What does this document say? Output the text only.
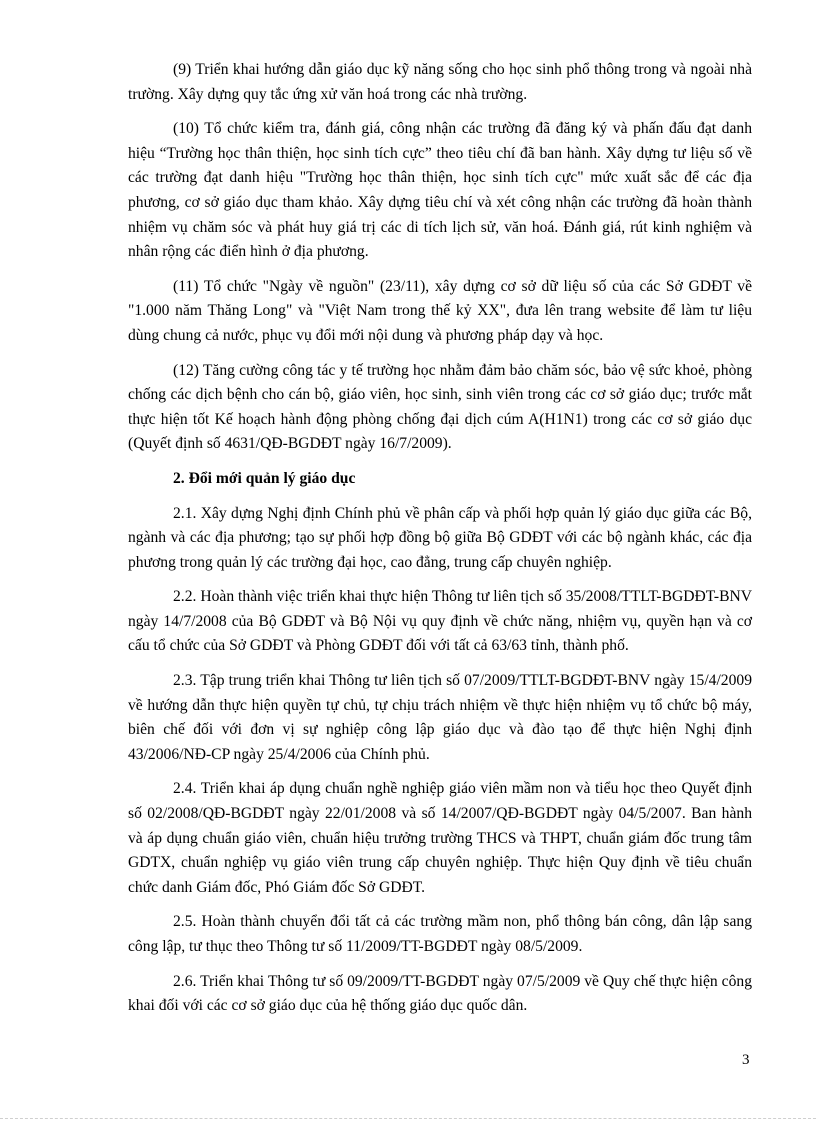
(9) Triển khai hướng dẫn giáo dục kỹ năng sống cho học sinh phổ thông trong và ngoài nhà trường. Xây dựng quy tắc ứng xử văn hoá trong các nhà trường.

(10) Tổ chức kiểm tra, đánh giá, công nhận các trường đã đăng ký và phấn đấu đạt danh hiệu “Trường học thân thiện, học sinh tích cực” theo tiêu chí đã ban hành. Xây dựng tư liệu số về các trường đạt danh hiệu "Trường học thân thiện, học sinh tích cực" mức xuất sắc để các địa phương, cơ sở giáo dục tham khảo. Xây dựng tiêu chí và xét công nhận các trường đã hoàn thành nhiệm vụ chăm sóc và phát huy giá trị các di tích lịch sử, văn hoá. Đánh giá, rút kinh nghiệm và nhân rộng các điển hình ở địa phương.

(11) Tổ chức "Ngày về nguồn" (23/11), xây dựng cơ sở dữ liệu số của các Sở GDĐT về "1.000 năm Thăng Long" và "Việt Nam trong thế kỷ XX", đưa lên trang website để làm tư liệu dùng chung cả nước, phục vụ đổi mới nội dung và phương pháp dạy và học.

(12) Tăng cường công tác y tế trường học nhằm đảm bảo chăm sóc, bảo vệ sức khoẻ, phòng chống các dịch bệnh cho cán bộ, giáo viên, học sinh, sinh viên trong các cơ sở giáo dục; trước mắt thực hiện tốt Kế hoạch hành động phòng chống đại dịch cúm A(H1N1) trong các cơ sở giáo dục (Quyết định số 4631/QĐ-BGDĐT ngày 16/7/2009).

2. Đổi mới quản lý giáo dục

2.1. Xây dựng Nghị định Chính phủ về phân cấp và phối hợp quản lý giáo dục giữa các Bộ, ngành và các địa phương; tạo sự phối hợp đồng bộ giữa Bộ GDĐT với các bộ ngành khác, các địa phương trong quản lý các trường đại học, cao đẳng, trung cấp chuyên nghiệp.

2.2. Hoàn thành việc triển khai thực hiện Thông tư liên tịch số 35/2008/TTLT-BGDĐT-BNV ngày 14/7/2008 của Bộ GDĐT và Bộ Nội vụ quy định về chức năng, nhiệm vụ, quyền hạn và cơ cấu tổ chức của Sở GDĐT và Phòng GDĐT đối với tất cả 63/63 tỉnh, thành phố.

2.3. Tập trung triển khai Thông tư liên tịch số 07/2009/TTLT-BGDĐT-BNV ngày 15/4/2009 về hướng dẫn thực hiện quyền tự chủ, tự chịu trách nhiệm về thực hiện nhiệm vụ tổ chức bộ máy, biên chế đối với đơn vị sự nghiệp công lập giáo dục và đào tạo để thực hiện Nghị định 43/2006/NĐ-CP ngày 25/4/2006 của Chính phủ.

2.4. Triển khai áp dụng chuẩn nghề nghiệp giáo viên mầm non và tiểu học theo Quyết định số 02/2008/QĐ-BGDĐT ngày 22/01/2008 và số 14/2007/QĐ-BGDĐT ngày 04/5/2007. Ban hành và áp dụng chuẩn giáo viên, chuẩn hiệu trưởng trường THCS và THPT, chuẩn giám đốc trung tâm GDTX, chuẩn nghiệp vụ giáo viên trung cấp chuyên nghiệp. Thực hiện Quy định về tiêu chuẩn chức danh Giám đốc, Phó Giám đốc Sở GDĐT.

2.5. Hoàn thành chuyển đổi tất cả các trường mầm non, phổ thông bán công, dân lập sang công lập, tư thục theo Thông tư số 11/2009/TT-BGDĐT ngày 08/5/2009.

2.6. Triển khai Thông tư số 09/2009/TT-BGDĐT ngày 07/5/2009 về Quy chế thực hiện công khai đối với các cơ sở giáo dục của hệ thống giáo dục quốc dân.

3
